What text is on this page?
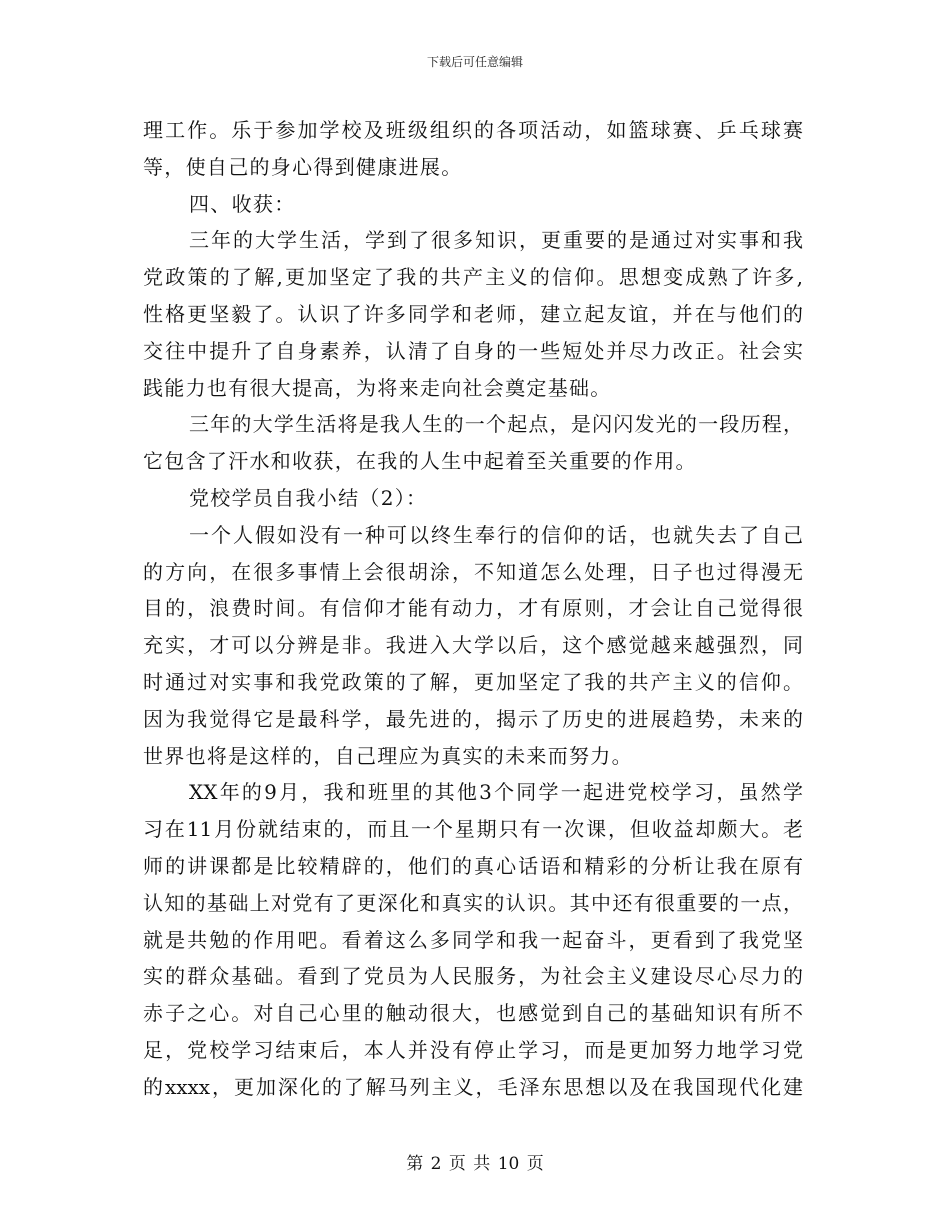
下载后可任意编辑
理工作。乐于参加学校及班级组织的各项活动，如篮球赛、乒乓球赛
等，使自己的身心得到健康进展。
四、收获：
三年的大学生活，学到了很多知识，更重要的是通过对实事和我
党政策的了解,更加坚定了我的共产主义的信仰。思想变成熟了许多,
性格更坚毅了。认识了许多同学和老师，建立起友谊，并在与他们的
交往中提升了自身素养，认清了自身的一些短处并尽力改正。社会实
践能力也有很大提高，为将来走向社会奠定基础。
三年的大学生活将是我人生的一个起点，是闪闪发光的一段历程，
它包含了汗水和收获，在我的人生中起着至关重要的作用。
党校学员自我小结（2）：
一个人假如没有一种可以终生奉行的信仰的话，也就失去了自己
的方向，在很多事情上会很胡涂，不知道怎么处理，日子也过得漫无
目的，浪费时间。有信仰才能有动力，才有原则，才会让自己觉得很
充实，才可以分辨是非。我进入大学以后，这个感觉越来越强烈，同
时通过对实事和我党政策的了解，更加坚定了我的共产主义的信仰。
因为我觉得它是最科学，最先进的，揭示了历史的进展趋势，未来的
世界也将是这样的，自己理应为真实的未来而努力。
XX年的9月，我和班里的其他3个同学一起进党校学习，虽然学
习在11月份就结束的，而且一个星期只有一次课，但收益却颇大。老
师的讲课都是比较精辟的，他们的真心话语和精彩的分析让我在原有
认知的基础上对党有了更深化和真实的认识。其中还有很重要的一点，
就是共勉的作用吧。看着这么多同学和我一起奋斗，更看到了我党坚
实的群众基础。看到了党员为人民服务，为社会主义建设尽心尽力的
赤子之心。对自己心里的触动很大，也感觉到自己的基础知识有所不
足，党校学习结束后，本人并没有停止学习，而是更加努力地学习党
的xxxx，更加深化的了解马列主义，毛泽东思想以及在我国现代化建
第 2 页 共 10 页
